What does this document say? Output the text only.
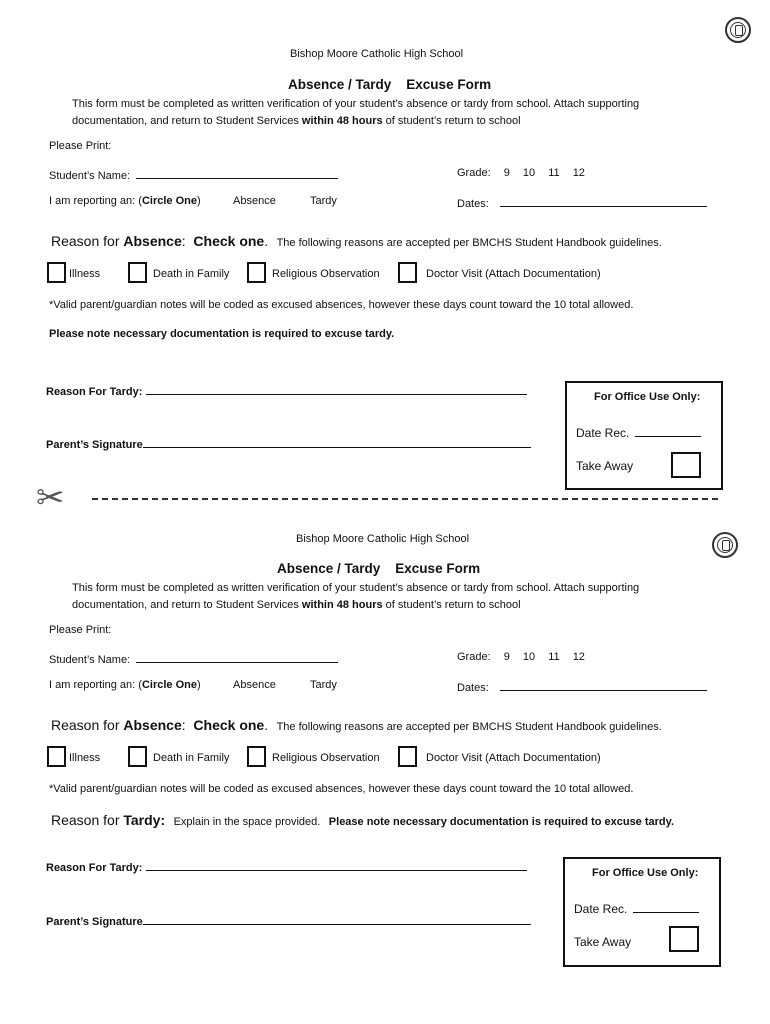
Bishop Moore Catholic High School
Absence / Tardy    Excuse Form
This form must be completed as written verification of your student’s absence or tardy from school. Attach supporting
documentation, and return to Student Services within 48 hours of student’s return to school
Please Print:
Student’s Name:	Grade: 9 10 11 12
I am reporting an: (Circle One)	Absence	Tardy	Dates:
Reason for Absence:  Check one. The following reasons are accepted per BMCHS Student Handbook guidelines.
Illness	Death in Family	Religious Observation	Doctor Visit (Attach Documentation)
*Valid parent/guardian notes will be coded as excused absences, however these days count toward the 10 total allowed.
Please note necessary documentation is required to excuse tardy.
Reason For Tardy:
Parent’s Signature
For Office Use Only:
Date Rec.
Take Away
✂
Bishop Moore Catholic High School
Absence / Tardy    Excuse Form
This form must be completed as written verification of your student’s absence or tardy from school. Attach supporting
documentation, and return to Student Services within 48 hours of student’s return to school
Please Print:
Student’s Name:	Grade: 9 10 11 12
I am reporting an: (Circle One)	Absence	Tardy	Dates:
Reason for Absence:  Check one. The following reasons are accepted per BMCHS Student Handbook guidelines.
Illness	Death in Family	Religious Observation	Doctor Visit (Attach Documentation)
*Valid parent/guardian notes will be coded as excused absences, however these days count toward the 10 total allowed.
Reason for Tardy: Explain in the space provided. Please note necessary documentation is required to excuse tardy.
Reason For Tardy:
Parent’s Signature
For Office Use Only:
Date Rec.
Take Away
